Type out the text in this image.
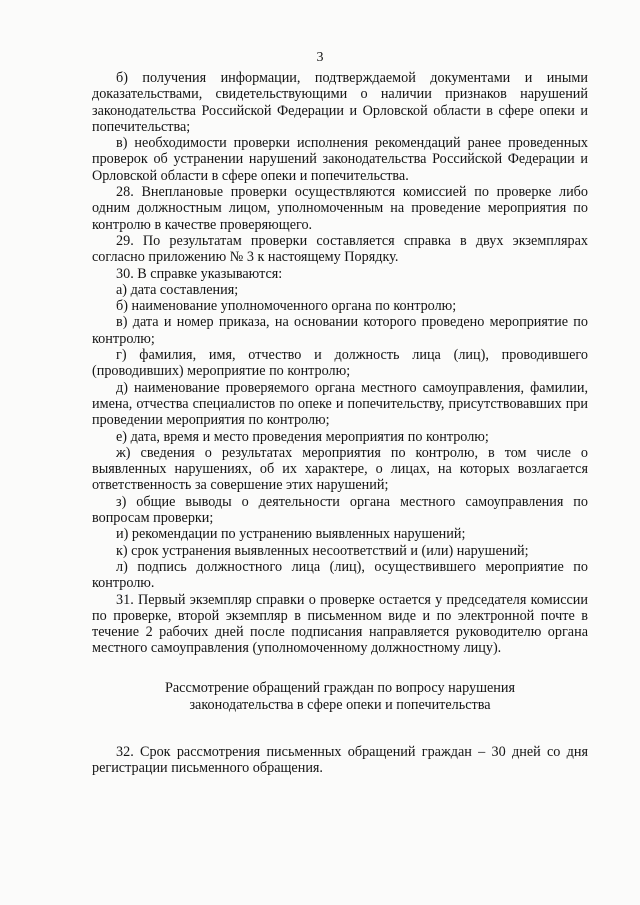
3

б) получения информации, подтверждаемой документами и иными доказательствами, свидетельствующими о наличии признаков нарушений законодательства Российской Федерации и Орловской области в сфере опеки и попечительства;

в) необходимости проверки исполнения рекомендаций ранее проведенных проверок об устранении нарушений законодательства Российской Федерации и Орловской области в сфере опеки и попечительства.

28. Внеплановые проверки осуществляются комиссией по проверке либо одним должностным лицом, уполномоченным на проведение мероприятия по контролю в качестве проверяющего.

29. По результатам проверки составляется справка в двух экземплярах согласно приложению № 3 к настоящему Порядку.

30. В справке указываются:

а) дата составления;

б) наименование уполномоченного органа по контролю;

в) дата и номер приказа, на основании которого проведено мероприятие по контролю;

г) фамилия, имя, отчество и должность лица (лиц), проводившего (проводивших) мероприятие по контролю;

д) наименование проверяемого органа местного самоуправления, фамилии, имена, отчества специалистов по опеке и попечительству, присутствовавших при проведении мероприятия по контролю;

е) дата, время и место проведения мероприятия по контролю;

ж) сведения о результатах мероприятия по контролю, в том числе о выявленных нарушениях, об их характере, о лицах, на которых возлагается ответственность за совершение этих нарушений;

з) общие выводы о деятельности органа местного самоуправления по вопросам проверки;

и) рекомендации по устранению выявленных нарушений;

к) срок устранения выявленных несоответствий и (или) нарушений;

л) подпись должностного лица (лиц), осуществившего мероприятие по контролю.

31. Первый экземпляр справки о проверке остается у председателя комиссии по проверке, второй экземпляр в письменном виде и по электронной почте в течение 2 рабочих дней после подписания направляется руководителю органа местного самоуправления (уполномоченному должностному лицу).

Рассмотрение обращений граждан по вопросу нарушения

законодательства в сфере опеки и попечительства

32. Срок рассмотрения письменных обращений граждан – 30 дней со дня регистрации письменного обращения.
